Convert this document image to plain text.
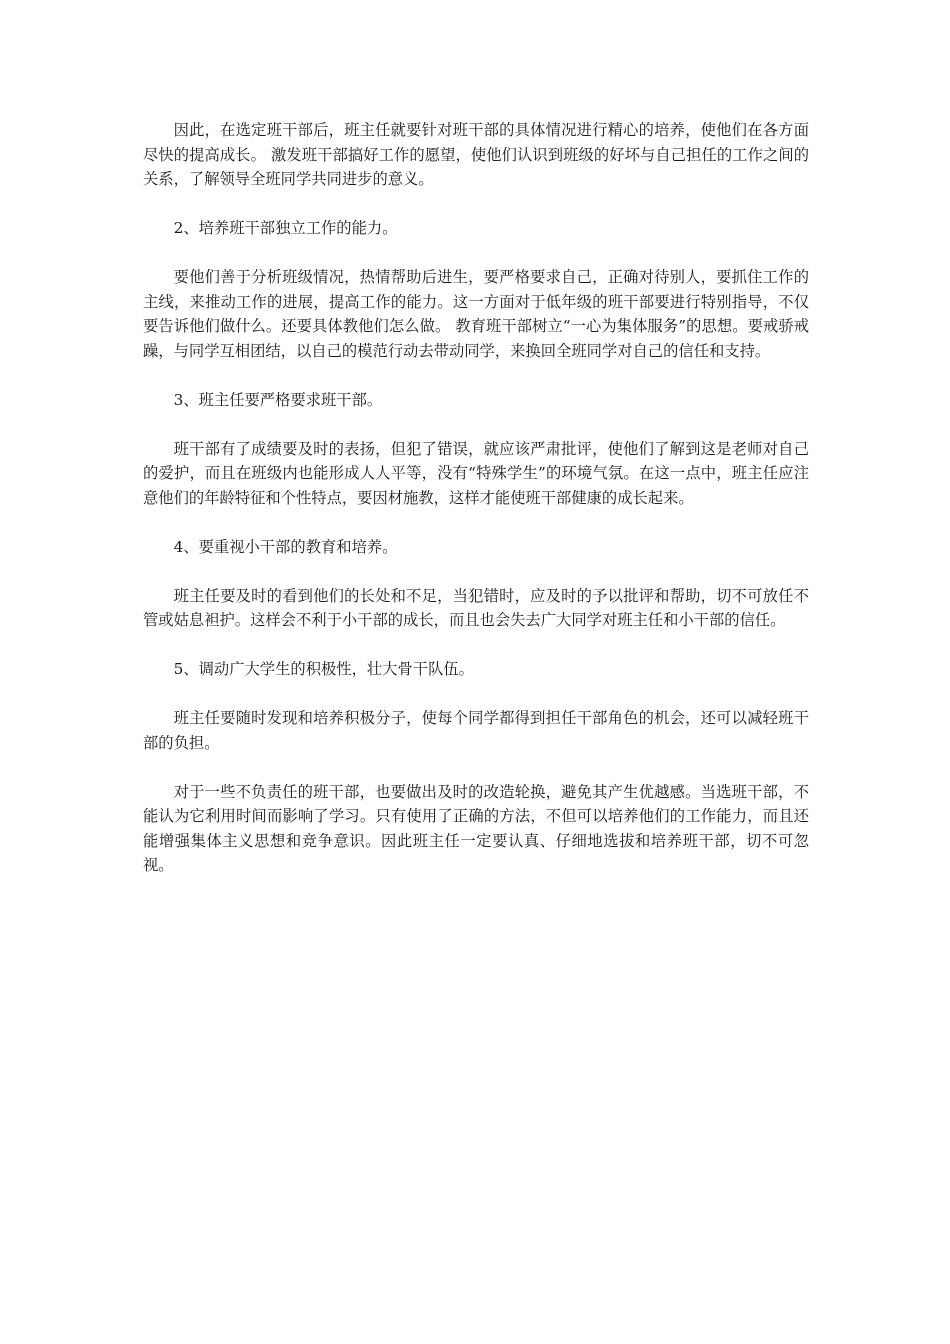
因此，在选定班干部后，班主任就要针对班干部的具体情况进行精心的培养，使他们在各方面尽快的提高成长。 激发班干部搞好工作的愿望，使他们认识到班级的好坏与自己担任的工作之间的关系，了解领导全班同学共同进步的意义。

2、培养班干部独立工作的能力。

要他们善于分析班级情况，热情帮助后进生，要严格要求自己，正确对待别人，要抓住工作的主线，来推动工作的进展，提高工作的能力。这一方面对于低年级的班干部要进行特别指导，不仅要告诉他们做什么。还要具体教他们怎么做。 教育班干部树立“一心为集体服务”的思想。要戒骄戒躁，与同学互相团结，以自己的模范行动去带动同学，来换回全班同学对自己的信任和支持。

3、班主任要严格要求班干部。

班干部有了成绩要及时的表扬，但犯了错误，就应该严肃批评，使他们了解到这是老师对自己的爱护，而且在班级内也能形成人人平等，没有“特殊学生”的环境气氛。在这一点中，班主任应注意他们的年龄特征和个性特点，要因材施教，这样才能使班干部健康的成长起来。

4、要重视小干部的教育和培养。

班主任要及时的看到他们的长处和不足，当犯错时，应及时的予以批评和帮助，切不可放任不管或姑息袒护。这样会不利于小干部的成长，而且也会失去广大同学对班主任和小干部的信任。

5、调动广大学生的积极性，壮大骨干队伍。

班主任要随时发现和培养积极分子，使每个同学都得到担任干部角色的机会，还可以减轻班干部的负担。

对于一些不负责任的班干部，也要做出及时的改造轮换，避免其产生优越感。当选班干部，不能认为它利用时间而影响了学习。只有使用了正确的方法，不但可以培养他们的工作能力，而且还能增强集体主义思想和竞争意识。因此班主任一定要认真、仔细地选拔和培养班干部，切不可忽视。
